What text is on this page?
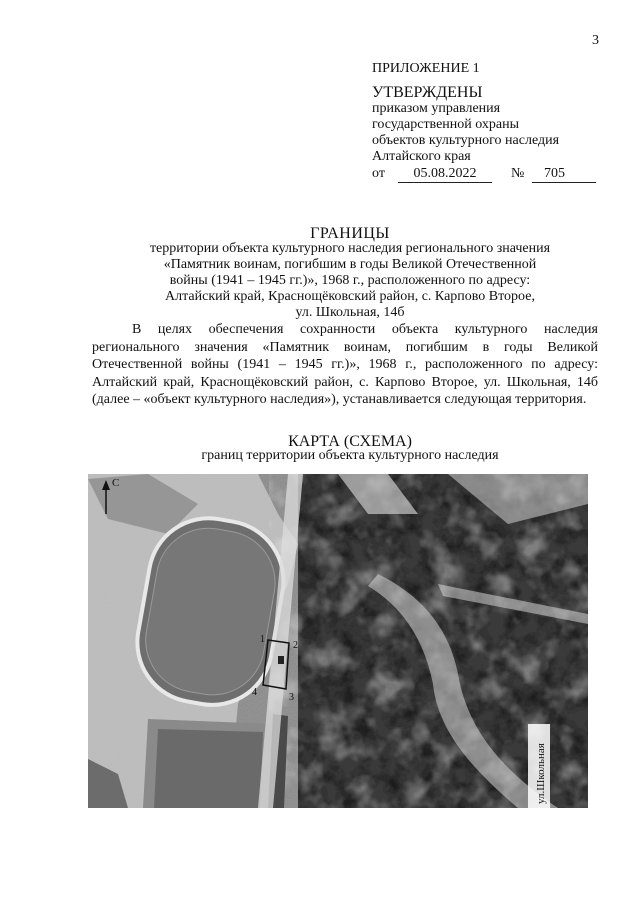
3
ПРИЛОЖЕНИЕ 1
УТВЕРЖДЕНЫ
приказом управления
государственной охраны
объектов культурного наследия
Алтайского края
от	05.08.2022	№	705
ГРАНИЦЫ
территории объекта культурного наследия регионального значения
«Памятник воинам, погибшим в годы Великой Отечественной
войны (1941 – 1945 гг.)», 1968 г., расположенного по адресу:
Алтайский край, Краснощёковский район, с. Карпово Второе,
ул. Школьная, 14б
В целях обеспечения сохранности объекта культурного наследия регионального значения «Памятник воинам, погибшим в годы Великой Отечественной войны (1941 – 1945 гг.)», 1968 г., расположенного по адресу: Алтайский край, Краснощёковский район, с. Карпово Второе, ул. Школьная, 14б (далее – «объект культурного наследия»), устанавливается следующая территория.
КАРТА (СХЕМА)
границ территории объекта культурного наследия
1
2
3
4
С
ул.Школьная
